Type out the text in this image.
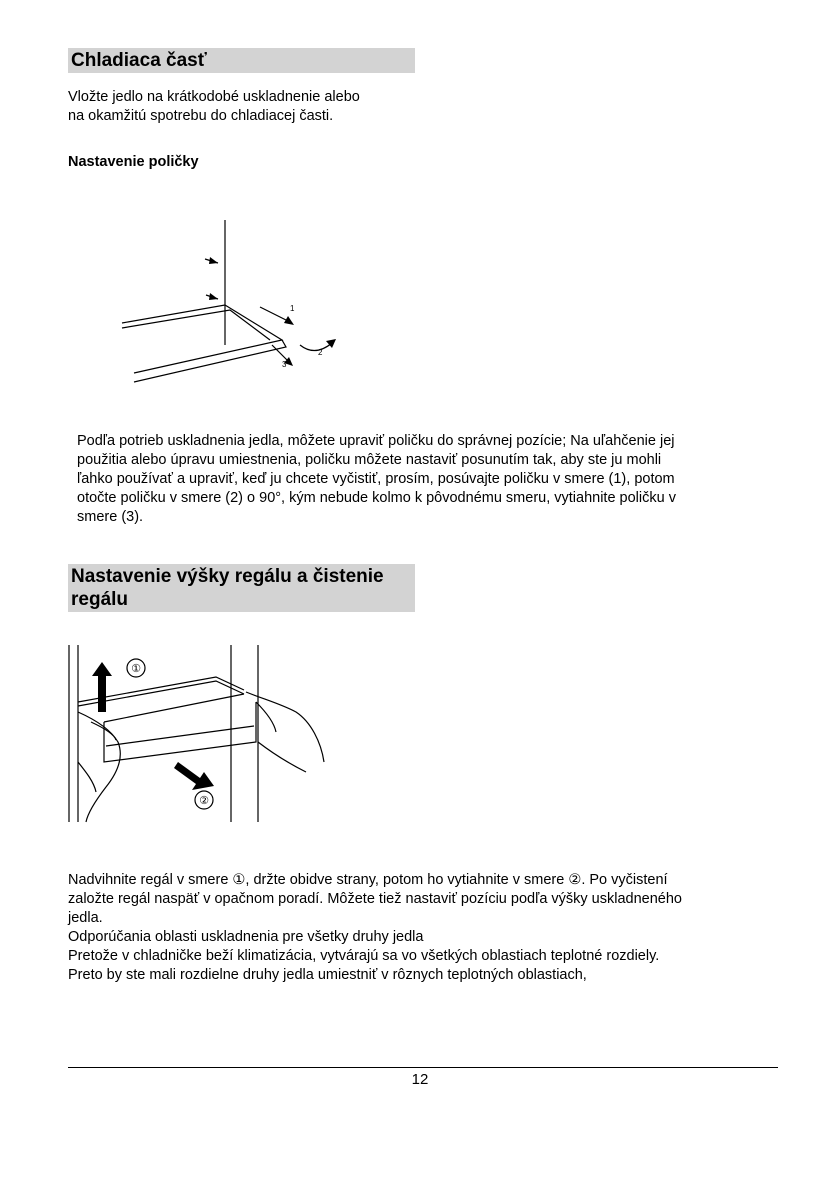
Chladiaca časť

Vložte jedlo na krátkodobé uskladnenie alebo
na okamžitú spotrebu do chladiacej časti.

Nastavenie poličky

1
2
3

Podľa potrieb uskladnenia jedla, môžete upraviť poličku do správnej pozície; Na uľahčenie jej
použitia alebo úpravu umiestnenia, poličku môžete nastaviť posunutím tak, aby ste ju mohli
ľahko používať a upraviť, keď ju chcete vyčistiť, prosím, posúvajte poličku v smere (1), potom
otočte poličku v smere (2) o 90°, kým nebude kolmo k pôvodnému smeru, vytiahnite poličku v
smere (3).

Nastavenie výšky regálu a čistenie
regálu
①
②

Nadvihnite regál v smere ①, držte obidve strany, potom ho vytiahnite v smere ②. Po vyčistení
založte regál naspäť v opačnom poradí. Môžete tiež nastaviť pozíciu podľa výšky uskladneného
jedla.
Odporúčania oblasti uskladnenia pre všetky druhy jedla
Pretože v chladničke beží klimatizácia, vytvárajú sa vo všetkých oblastiach teplotné rozdiely.
Preto by ste mali rozdielne druhy jedla umiestniť v rôznych teplotných oblastiach,

12
